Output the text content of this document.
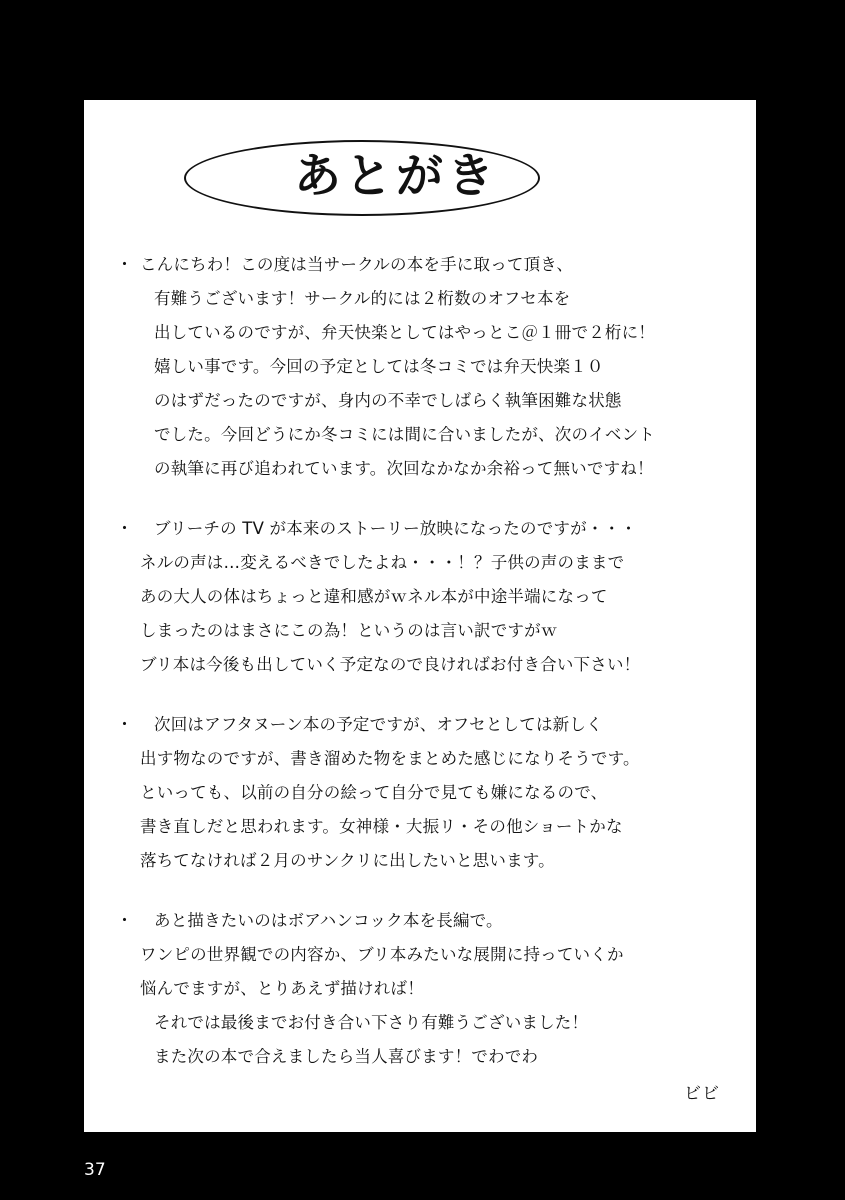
あとがき
・ こんにちわ！この度は当サークルの本を手に取って頂き、
有難うございます！サークル的には２桁数のオフセ本を
出しているのですが、弁天快楽としてはやっとこ＠１冊で２桁に！
嬉しい事です。今回の予定としては冬コミでは弁天快楽１０
のはずだったのですが、身内の不幸でしばらく執筆困難な状態
でした。今回どうにか冬コミには間に合いましたが、次のイベント
の執筆に再び追われています。次回なかなか余裕って無いですね！
・ ブリーチの TV が本来のストーリー放映になったのですが・・・
ネルの声は…変えるべきでしたよね・・・！？子供の声のままで
あの大人の体はちょっと違和感がｗネル本が中途半端になって
しまったのはまさにこの為！というのは言い訳ですがｗ
ブリ本は今後も出していく予定なので良ければお付き合い下さい！
・ 次回はアフタヌーン本の予定ですが、オフセとしては新しく
出す物なのですが、書き溜めた物をまとめた感じになりそうです。
といっても、以前の自分の絵って自分で見ても嫌になるので、
書き直しだと思われます。女神様・大振リ・その他ショートかな
落ちてなければ２月のサンクリに出したいと思います。
・ あと描きたいのはボアハンコック本を長編で。
ワンピの世界観での内容か、ブリ本みたいな展開に持っていくか
悩んでますが、とりあえず描ければ！
それでは最後までお付き合い下さり有難うございました！
また次の本で合えましたら当人喜びます！でわでわ
ビビ
37
